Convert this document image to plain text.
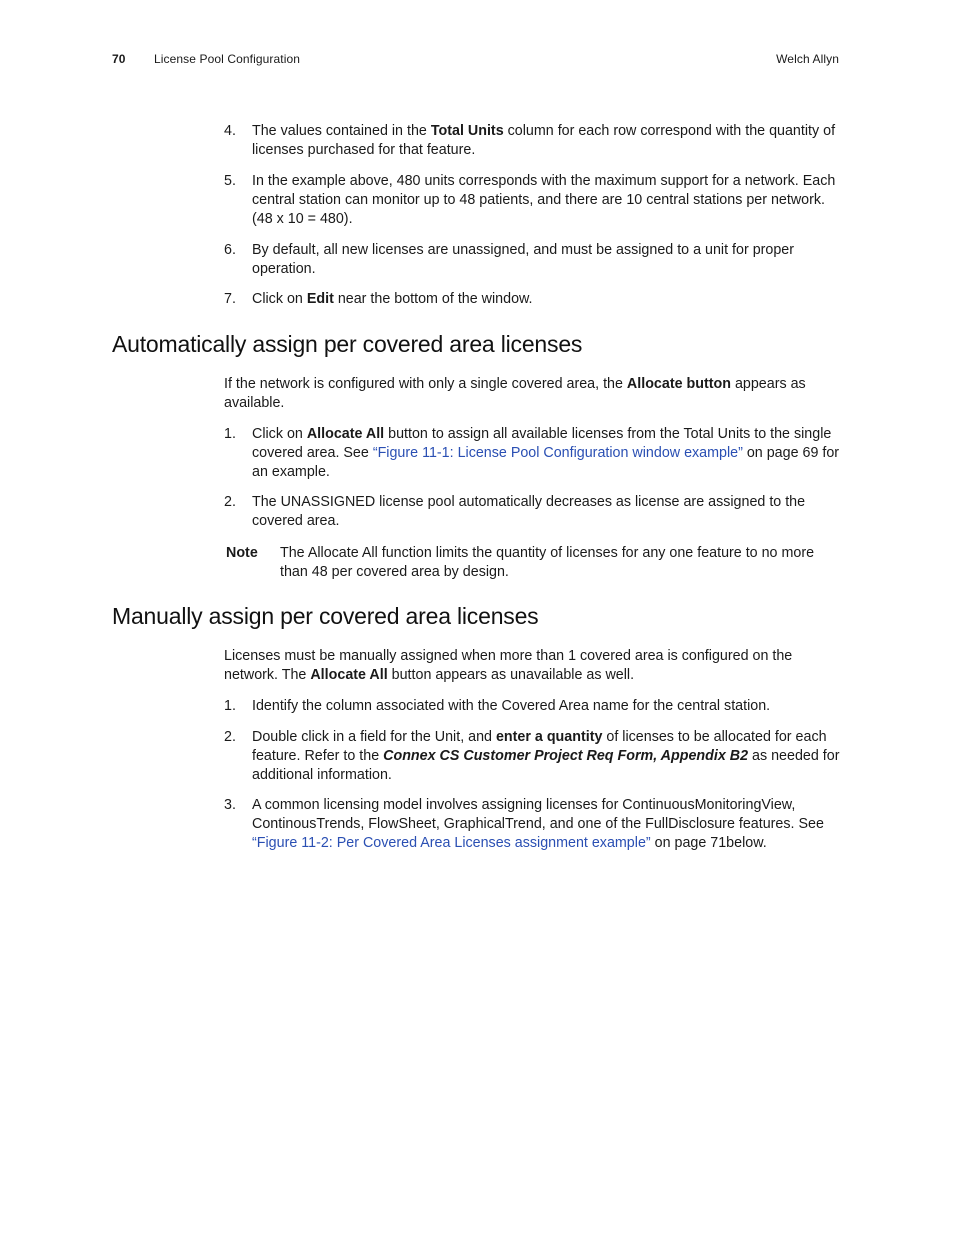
70 License Pool Configuration	Welch Allyn
4. The values contained in the Total Units column for each row correspond with the quantity of licenses purchased for that feature.
5. In the example above, 480 units corresponds with the maximum support for a network. Each central station can monitor up to 48 patients, and there are 10 central stations per network. (48 x 10 = 480).
6. By default, all new licenses are unassigned, and must be assigned to a unit for proper operation.
7. Click on Edit near the bottom of the window.
Automatically assign per covered area licenses
If the network is configured with only a single covered area, the Allocate button appears as available.
1. Click on Allocate All button to assign all available licenses from the Total Units to the single covered area. See “Figure 11-1: License Pool Configuration window example” on page 69 for an example.
2. The UNASSIGNED license pool automatically decreases as license are assigned to the covered area.
Note The Allocate All function limits the quantity of licenses for any one feature to no more than 48 per covered area by design.
Manually assign per covered area licenses
Licenses must be manually assigned when more than 1 covered area is configured on the network. The Allocate All button appears as unavailable as well.
1. Identify the column associated with the Covered Area name for the central station.
2. Double click in a field for the Unit, and enter a quantity of licenses to be allocated for each feature. Refer to the Connex CS Customer Project Req Form, Appendix B2 as needed for additional information.
3. A common licensing model involves assigning licenses for ContinuousMonitoringView, ContinousTrends, FlowSheet, GraphicalTrend, and one of the FullDisclosure features. See “Figure 11-2: Per Covered Area Licenses assignment example” on page 71below.
